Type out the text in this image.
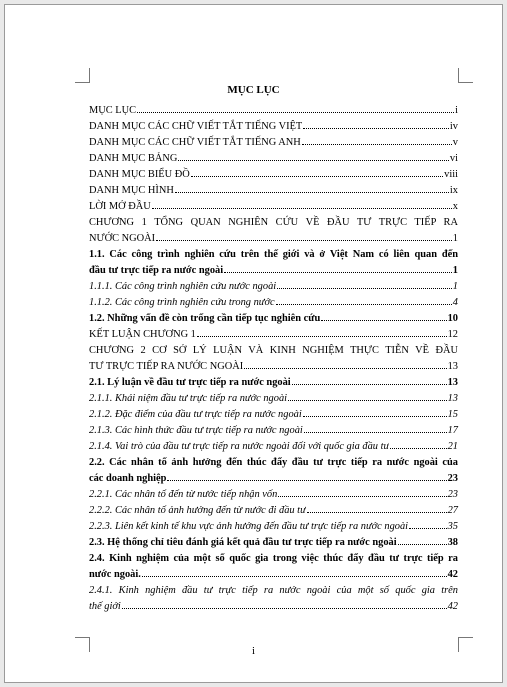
MỤC LỤC
MỤC LỤC	i
DANH MỤC CÁC CHỮ VIẾT TẮT TIẾNG VIỆT	iv
DANH MỤC CÁC CHỮ VIẾT TẮT TIẾNG ANH	v
DANH MỤC BẢNG	vi
DANH MỤC BIỂU ĐỒ	viii
DANH MỤC HÌNH	ix
LỜI MỞ ĐẦU	x
CHƯƠNG 1 TỔNG QUAN NGHIÊN CỨU VỀ ĐẦU TƯ TRỰC TIẾP RA
NƯỚC NGOÀI	1
1.1. Các công trình nghiên cứu trên thế giới và ở Việt Nam có liên quan đến
đầu tư trực tiếp ra nước ngoài	1
1.1.1. Các công trình nghiên cứu nước ngoài	1
1.1.2. Các công trình nghiên cứu trong nước	4
1.2. Những vấn đề còn trống cần tiếp tục nghiên cứu	10
KẾT LUẬN CHƯƠNG 1	12
CHƯƠNG 2 CƠ SỞ LÝ LUẬN VÀ KINH NGHIỆM THỰC TIỄN VỀ ĐẦU
TƯ TRỰC TIẾP RA NƯỚC NGOÀI	13
2.1. Lý luận về đầu tư trực tiếp ra nước ngoài	13
2.1.1. Khái niệm đầu tư trực tiếp ra nước ngoài	13
2.1.2. Đặc điểm của đầu tư trực tiếp ra nước ngoài	15
2.1.3. Các hình thức đầu tư trực tiếp ra nước ngoài	17
2.1.4. Vai trò của đầu tư trực tiếp ra nước ngoài đối với quốc gia đầu tư	21
2.2. Các nhân tố ảnh hưởng đến thúc đẩy đầu tư trực tiếp ra nước ngoài của
các doanh nghiệp	23
2.2.1. Các nhân tố đến từ nước tiếp nhận vốn	23
2.2.2. Các nhân tố ảnh hưởng đến từ nước đi đầu tư	27
2.2.3. Liên kết kinh tế khu vực ảnh hưởng đến đầu tư trực tiếp ra nước ngoài	35
2.3. Hệ thống chỉ tiêu đánh giá kết quả đầu tư trực tiếp ra nước ngoài	38
2.4. Kinh nghiệm của một số quốc gia trong việc thúc đẩy đầu tư trực tiếp ra
nước ngoài.	42
2.4.1. Kinh nghiệm đầu tư trực tiếp ra nước ngoài của một số quốc gia trên
thế giới	42
i
